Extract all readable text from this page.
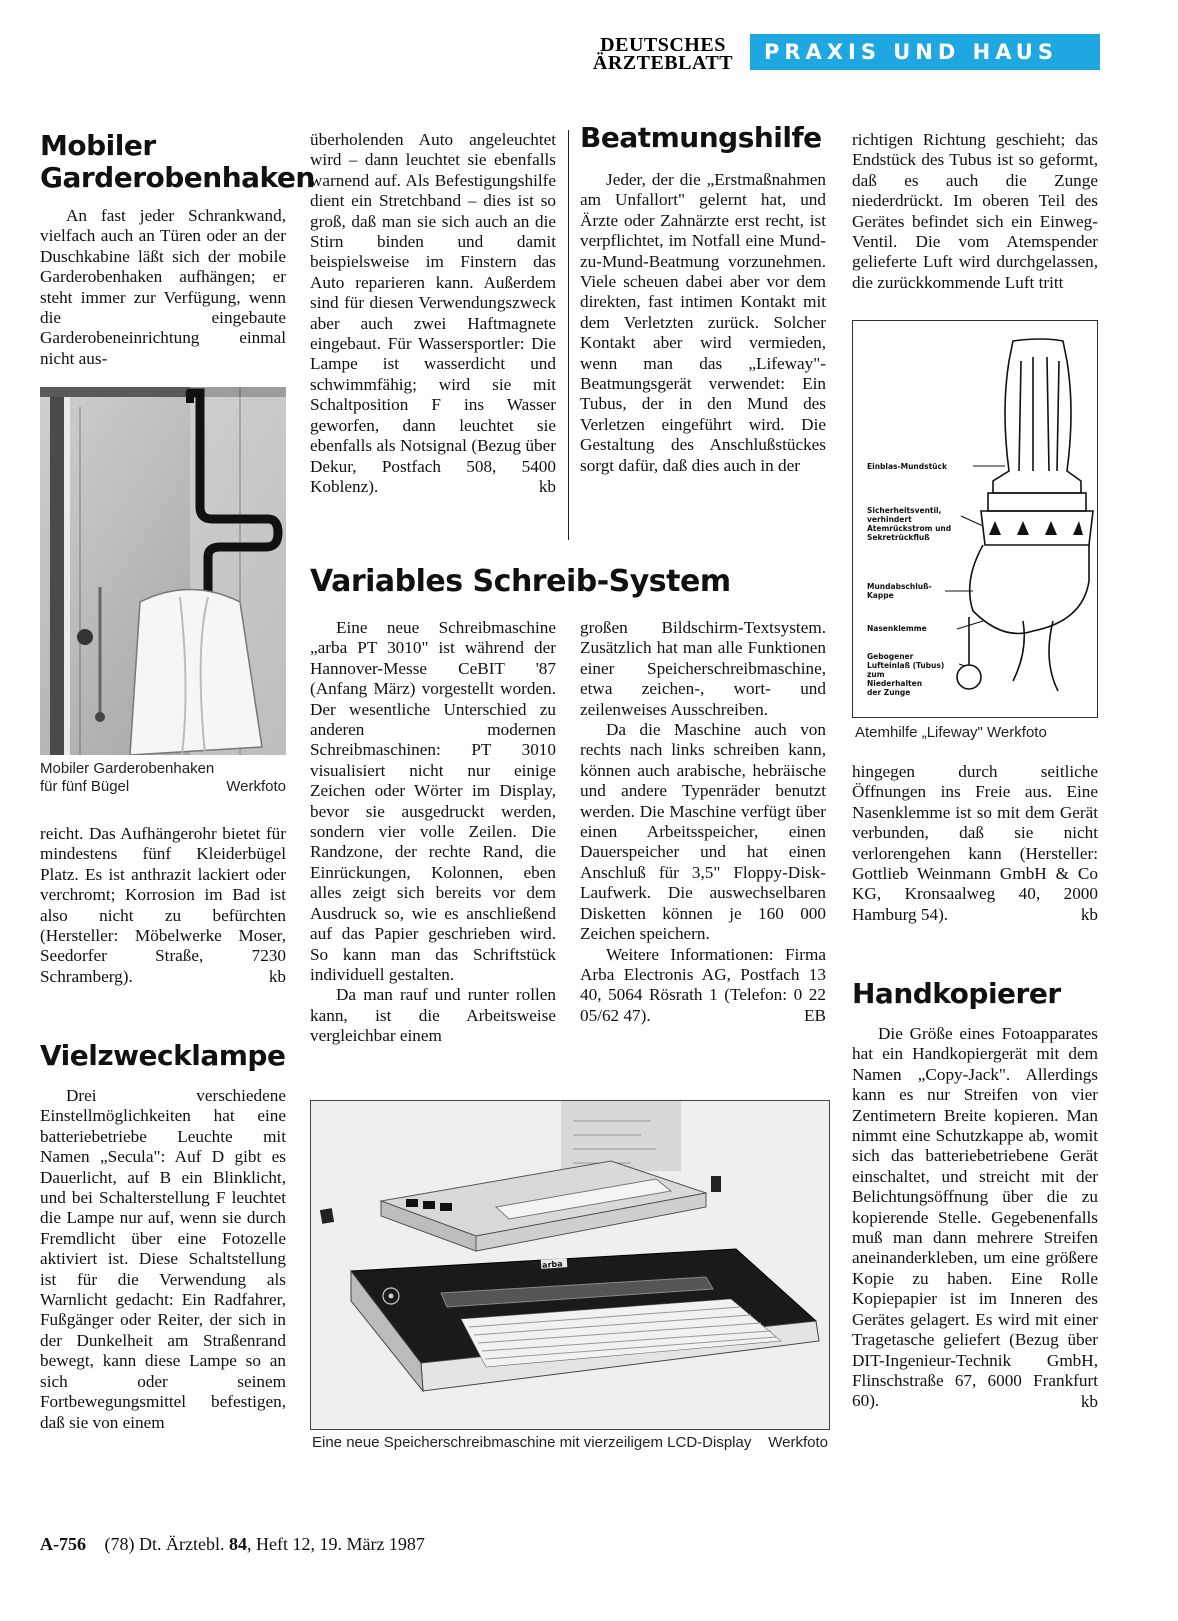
DEUTSCHES
ÄRZTEBLATT	PRAXIS UND HAUS
Mobiler
Garderobenhaken

An fast jeder Schrankwand, vielfach auch an Türen oder an der Duschkabine läßt sich der mobile Garderobenhaken aufhängen; er steht immer zur Verfügung, wenn die eingebaute Garderobeneinrichtung einmal nicht aus-

Mobiler Garderobenhaken
für fünf Bügel	Werkfoto

reicht. Das Aufhängerohr bietet für mindestens fünf Kleiderbügel Platz. Es ist anthrazit lackiert oder verchromt; Korrosion im Bad ist also nicht zu befürchten (Hersteller: Möbelwerke Moser, Seedorfer Straße, 7230 Schramberg).	kb
Vielzwecklampe

Drei verschiedene Einstellmöglichkeiten hat eine batteriebetriebe Leuchte mit Namen „Secula": Auf D gibt es Dauerlicht, auf B ein Blinklicht, und bei Schalterstellung F leuchtet die Lampe nur auf, wenn sie durch Fremdlicht über eine Fotozelle aktiviert ist. Diese Schaltstellung ist für die Verwendung als Warnlicht gedacht: Ein Radfahrer, Fußgänger oder Reiter, der sich in der Dunkelheit am Straßenrand bewegt, kann diese Lampe so an sich oder seinem Fortbewegungsmittel befestigen, daß sie von einem

überholenden Auto angeleuchtet wird – dann leuchtet sie ebenfalls warnend auf. Als Befestigungshilfe dient ein Stretchband – dies ist so groß, daß man sie sich auch an die Stirn binden und damit beispielsweise im Finstern das Auto reparieren kann. Außerdem sind für diesen Verwendungszweck aber auch zwei Haftmagnete eingebaut. Für Wassersportler: Die Lampe ist wasserdicht und schwimmfähig; wird sie mit Schaltposition F ins Wasser geworfen, dann leuchtet sie ebenfalls als Notsignal (Bezug über Dekur, Postfach 508, 5400 Koblenz).	kb
Beatmungshilfe

Jeder, der die „Erstmaßnahmen am Unfallort" gelernt hat, und Ärzte oder Zahnärzte erst recht, ist verpflichtet, im Notfall eine Mund-zu-Mund-Beatmung vorzunehmen. Viele scheuen dabei aber vor dem direkten, fast intimen Kontakt mit dem Verletzten zurück. Solcher Kontakt aber wird vermieden, wenn man das „Lifeway"-Beatmungsgerät verwendet: Ein Tubus, der in den Mund des Verletzen eingeführt wird. Die Gestaltung des Anschlußstückes sorgt dafür, daß dies auch in der

richtigen Richtung geschieht; das Endstück des Tubus ist so geformt, daß es auch die Zunge niederdrückt. Im oberen Teil des Gerätes befindet sich ein Einweg-Ventil. Die vom Atemspender gelieferte Luft wird durchgelassen, die zurückkommende Luft tritt

Einblas-Mundstück
Sicherheitsventil,
verhindert
Atemrückstrom und
Sekretrückfluß
Mundabschluß-
Kappe
Nasenklemme
Gebogener
Lufteinlaß (Tubus)
zum
Niederhalten
der Zunge
Atemhilfe „Lifeway" Werkfoto

hingegen durch seitliche Öffnungen ins Freie aus. Eine Nasenklemme ist so mit dem Gerät verbunden, daß sie nicht verlorengehen kann (Hersteller: Gottlieb Weinmann GmbH & Co KG, Kronsaalweg 40, 2000 Hamburg 54).	kb
Handkopierer

Die Größe eines Fotoapparates hat ein Handkopiergerät mit dem Namen „Copy-Jack". Allerdings kann es nur Streifen von vier Zentimetern Breite kopieren. Man nimmt eine Schutzkappe ab, womit sich das batteriebetriebene Gerät einschaltet, und streicht mit der Belichtungsöffnung über die zu kopierende Stelle. Gegebenenfalls muß man dann mehrere Streifen aneinanderkleben, um eine größere Kopie zu haben. Eine Rolle Kopiepapier ist im Inneren des Gerätes gelagert. Es wird mit einer Tragetasche geliefert (Bezug über DIT-Ingenieur-Technik GmbH, Flinschstraße 67, 6000 Frankfurt 60).	kb
Variables Schreib-System

Eine neue Schreibmaschine „arba PT 3010" ist während der Hannover-Messe CeBIT '87 (Anfang März) vorgestellt worden. Der wesentliche Unterschied zu anderen modernen Schreibmaschinen: PT 3010 visualisiert nicht nur einige Zeichen oder Wörter im Display, bevor sie ausgedruckt werden, sondern vier volle Zeilen. Die Randzone, der rechte Rand, die Einrückungen, Kolonnen, eben alles zeigt sich bereits vor dem Ausdruck so, wie es anschließend auf das Papier geschrieben wird. So kann man das Schriftstück individuell gestalten.

Da man rauf und runter rollen kann, ist die Arbeitsweise vergleichbar einem

großen Bildschirm-Textsystem. Zusätzlich hat man alle Funktionen einer Speicherschreibmaschine, etwa zeichen-, wort- und zeilenweises Ausschreiben.

Da die Maschine auch von rechts nach links schreiben kann, können auch arabische, hebräische und andere Typenräder benutzt werden. Die Maschine verfügt über einen Arbeitsspeicher, einen Dauerspeicher und hat einen Anschluß für 3,5" Floppy-Disk-Laufwerk. Die auswechselbaren Disketten können je 160 000 Zeichen speichern.

Weitere Informationen: Firma Arba Electronis AG, Postfach 13 40, 5064 Rösrath 1 (Telefon: 0 22 05/62 47).	EB
arba
Eine neue Speicherschreibmaschine mit vierzeiligem LCD-Display	Werkfoto
A-756 (78) Dt. Ärztebl. 84, Heft 12, 19. März 1987
